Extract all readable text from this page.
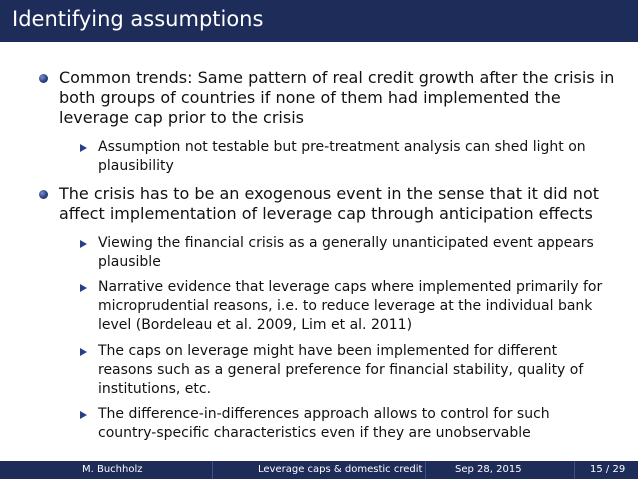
Identifying assumptions
Common trends: Same pattern of real credit growth after the crisis in
both groups of countries if none of them had implemented the
leverage cap prior to the crisis
Assumption not testable but pre-treatment analysis can shed light on
plausibility
The crisis has to be an exogenous event in the sense that it did not
affect implementation of leverage cap through anticipation effects
Viewing the financial crisis as a generally unanticipated event appears
plausible
Narrative evidence that leverage caps where implemented primarily for
microprudential reasons, i.e. to reduce leverage at the individual bank
level (Bordeleau et al. 2009, Lim et al. 2011)
The caps on leverage might have been implemented for different
reasons such as a general preference for financial stability, quality of
institutions, etc.
The difference-in-differences approach allows to control for such
country-specific characteristics even if they are unobservable
M. Buchholz	Leverage caps & domestic credit	Sep 28, 2015	15 / 29
